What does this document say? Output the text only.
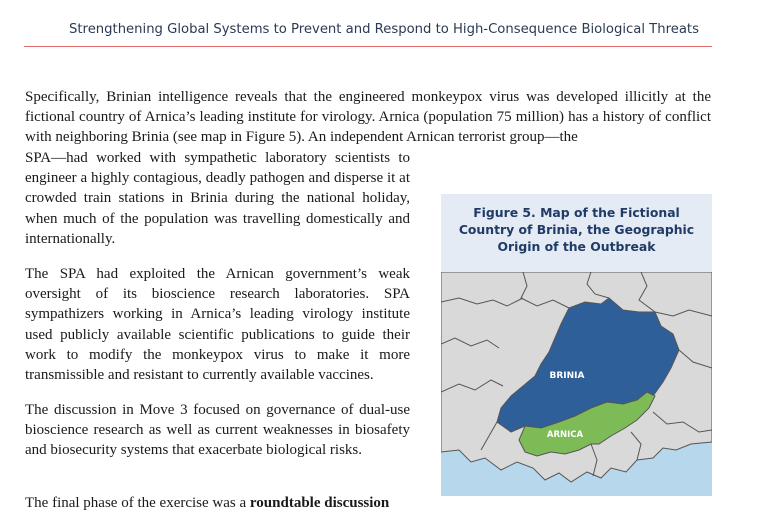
Strengthening Global Systems to Prevent and Respond to High-Consequence Biological Threats

Specifically, Brinian intelligence reveals that the engineered monkeypox virus was developed illicitly at the fictional country of Arnica’s leading institute for virology. Arnica (population 75 million) has a history of conflict with neighboring Brinia (see map in Figure 5). An independent Arnican terrorist group—the

SPA—had worked with sympathetic laboratory scientists to engineer a highly contagious, deadly pathogen and disperse it at crowded train stations in Brinia during the national holiday, when much of the population was travelling domestically and internationally.

The SPA had exploited the Arnican government’s weak oversight of its bioscience research laboratories. SPA sympathizers working in Arnica’s leading virology institute used publicly available scientific publications to guide their work to modify the monkeypox virus to make it more transmissible and resistant to currently available vaccines.

The discussion in Move 3 focused on governance of dual-use bioscience research as well as current weaknesses in biosafety and biosecurity systems that exacerbate biological risks.

The final phase of the exercise was a roundtable discussion

Figure 5. Map of the Fictional
Country of Brinia, the Geographic
Origin of the Outbreak
BRINIA
ARNICA
